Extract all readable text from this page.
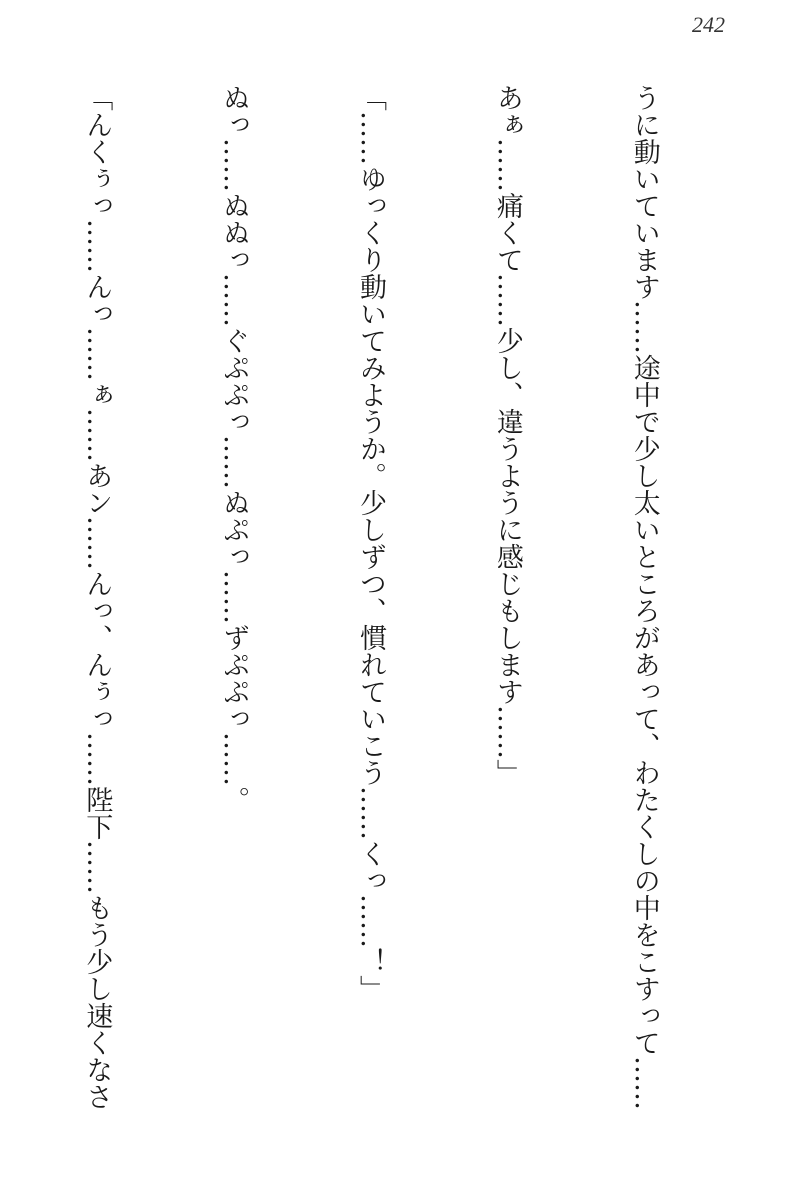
242

うに動いています……途中で少し太いところがあって、わたくしの中をこすって……

あぁ……痛くて……少し、違うように感じもします……」

「……ゆっくり動いてみようか。少しずつ、慣れていこう……くっ……！」

ぬっ……ぬぬっ……ぐぷぷっ……ぬぷっ……ずぷぷっ……。

「んくぅっ……んっ……ぁ……あン……んっ、んぅっ……陛下……もう少し速くなさ
